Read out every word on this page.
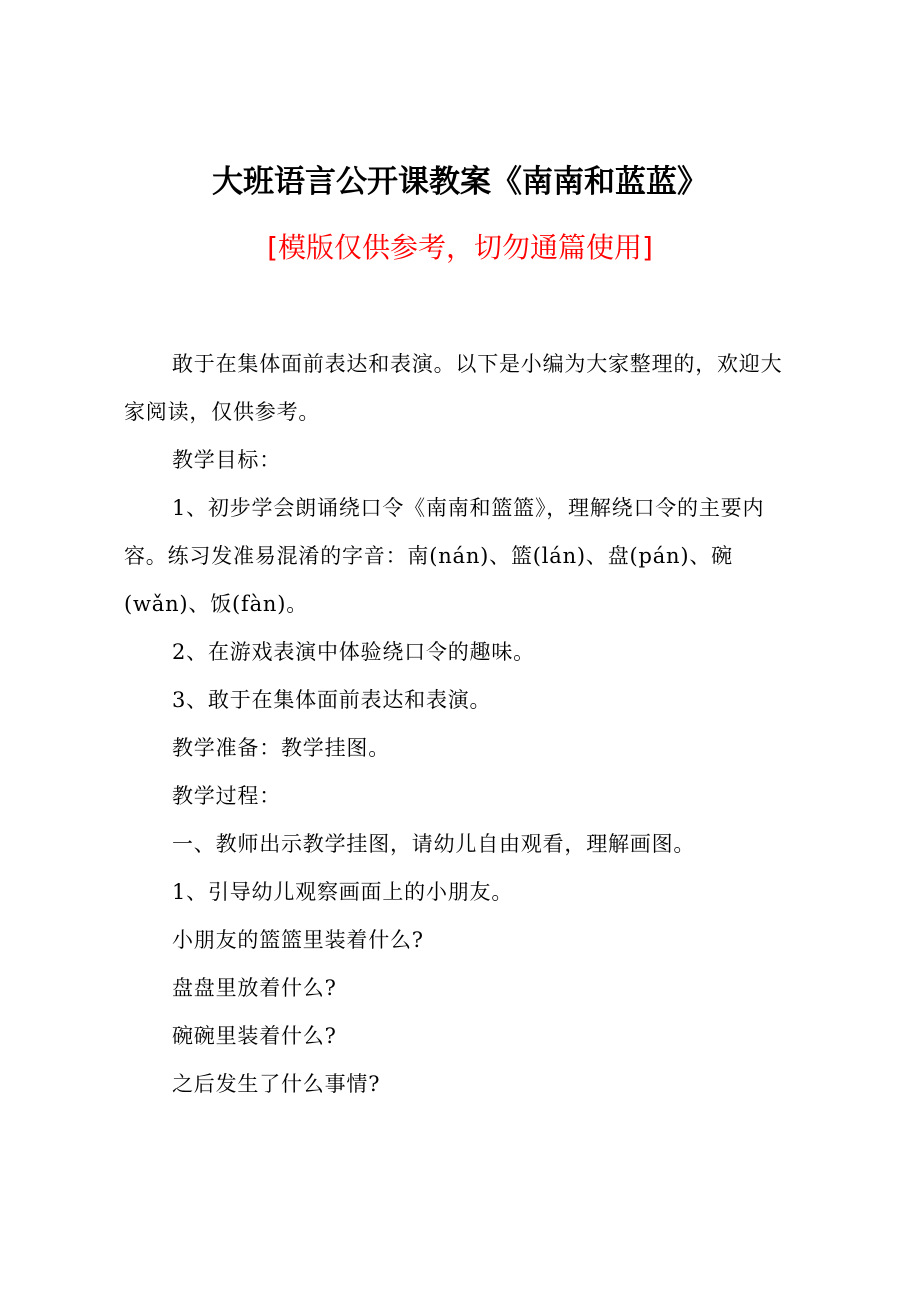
大班语言公开课教案《南南和蓝蓝》
[模版仅供参考，切勿通篇使用]

敢于在集体面前表达和表演。以下是小编为大家整理的，欢迎大家阅读，仅供参考。

教学目标：

1、初步学会朗诵绕口令《南南和篮篮》，理解绕口令的主要内容。练习发准易混淆的字音：南(nán)、篮(lán)、盘(pán)、碗(wǎn)、饭(fàn)。

2、在游戏表演中体验绕口令的趣味。

3、敢于在集体面前表达和表演。

教学准备：教学挂图。

教学过程：

一、教师出示教学挂图，请幼儿自由观看，理解画图。

1、引导幼儿观察画面上的小朋友。

小朋友的篮篮里装着什么?

盘盘里放着什么?

碗碗里装着什么?

之后发生了什么事情?
